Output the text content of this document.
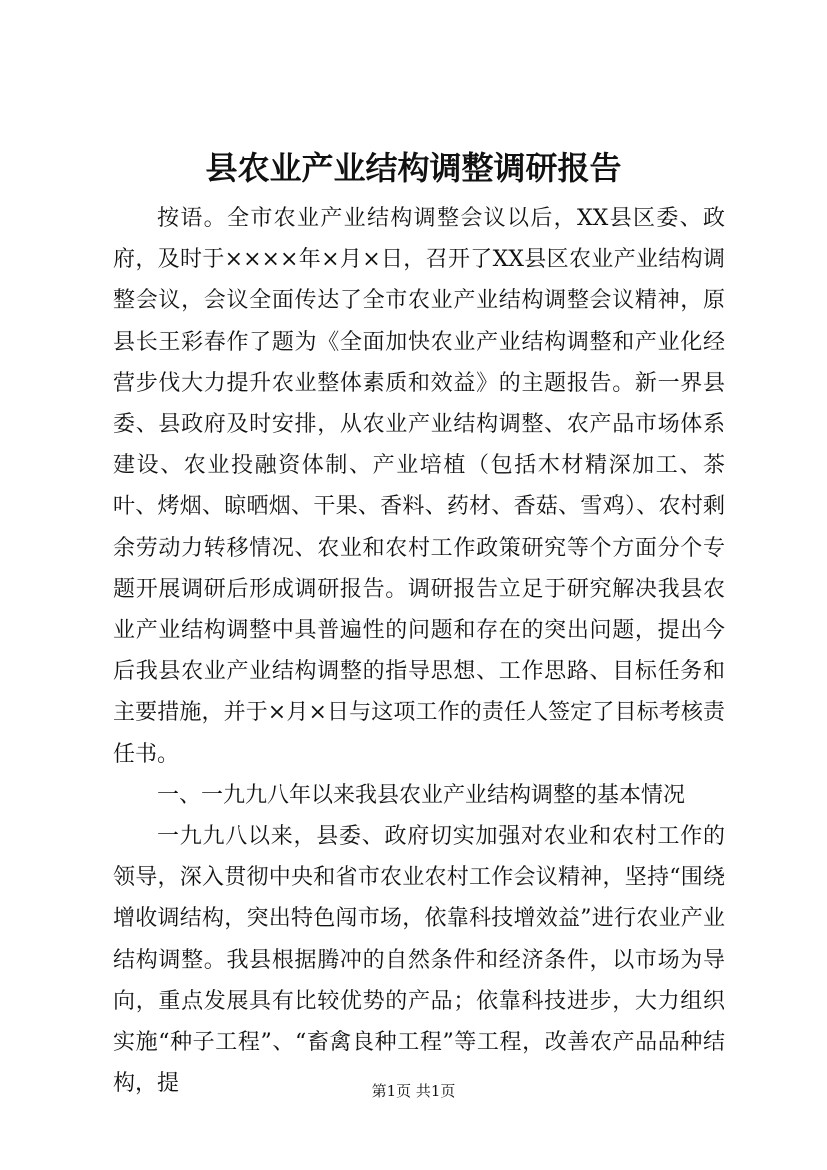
县农业产业结构调整调研报告

按语。全市农业产业结构调整会议以后，XX县区委、政府，及时于××××年×月×日，召开了XX县区农业产业结构调整会议，会议全面传达了全市农业产业结构调整会议精神，原县长王彩春作了题为《全面加快农业产业结构调整和产业化经营步伐大力提升农业整体素质和效益》的主题报告。新一界县委、县政府及时安排，从农业产业结构调整、农产品市场体系建设、农业投融资体制、产业培植（包括木材精深加工、茶叶、烤烟、晾晒烟、干果、香料、药材、香菇、雪鸡）、农村剩余劳动力转移情况、农业和农村工作政策研究等个方面分个专题开展调研后形成调研报告。调研报告立足于研究解决我县农业产业结构调整中具普遍性的问题和存在的突出问题，提出今后我县农业产业结构调整的指导思想、工作思路、目标任务和主要措施，并于×月×日与这项工作的责任人签定了目标考核责任书。

一、一九九八年以来我县农业产业结构调整的基本情况

一九九八以来，县委、政府切实加强对农业和农村工作的领导，深入贯彻中央和省市农业农村工作会议精神，坚持“围绕增收调结构，突出特色闯市场，依靠科技增效益”进行农业产业结构调整。我县根据腾冲的自然条件和经济条件，以市场为导向，重点发展具有比较优势的产品；依靠科技进步，大力组织实施“种子工程”、“畜禽良种工程”等工程，改善农产品品种结构，提	第1页 共1页
